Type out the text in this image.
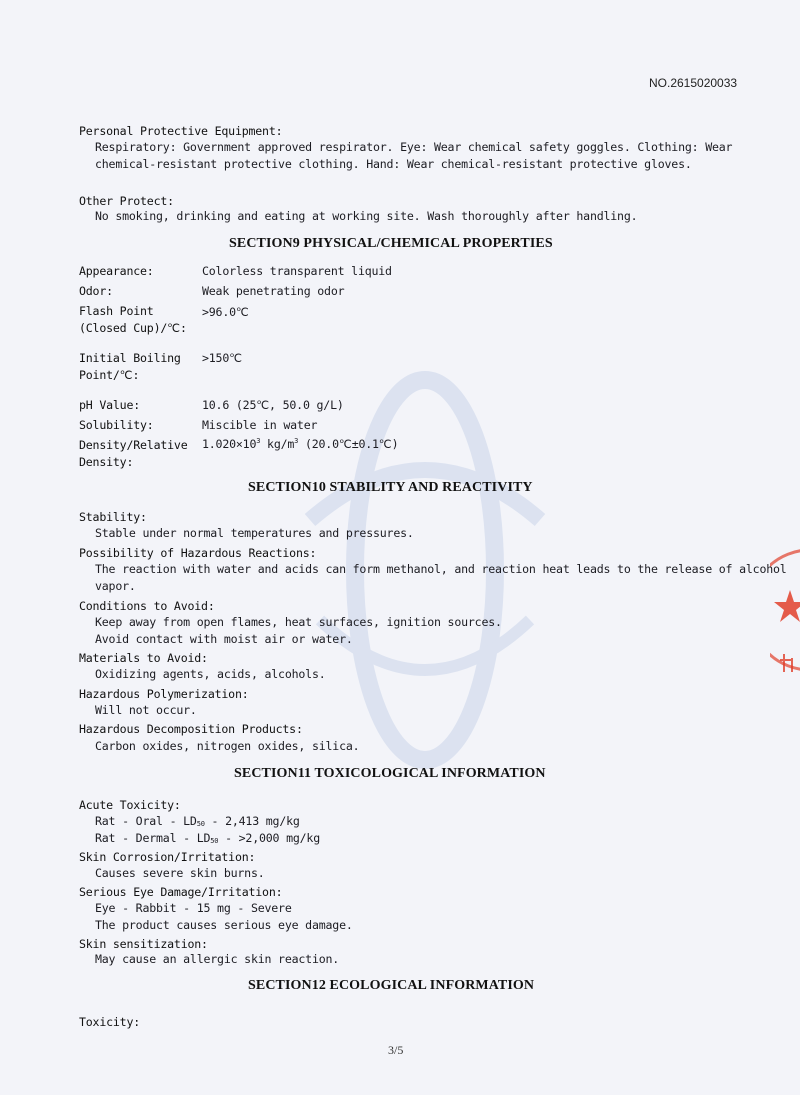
NO.2615020033
Personal Protective Equipment:
Respiratory: Government approved respirator. Eye: Wear chemical safety goggles. Clothing: Wear
chemical-resistant protective clothing. Hand: Wear chemical-resistant protective gloves.
Other Protect:
No smoking, drinking and eating at working site. Wash thoroughly after handling.
SECTION9 PHYSICAL/CHEMICAL PROPERTIES
Appearance:	Colorless transparent liquid
Odor:	Weak penetrating odor
Flash Point
(Closed Cup)/℃:
>96.0℃
Initial Boiling
Point/℃:
>150℃
pH Value:	10.6 (25℃, 50.0 g/L)
Solubility:	Miscible in water
Density/Relative
Density:
$1.020\times 10^3$ $kg/m^3$ (20.0℃±0.1℃)
SECTION10 STABILITY AND REACTIVITY
Stability:
Stable under normal temperatures and pressures.
Possibility of Hazardous Reactions:
The reaction with water and acids can form methanol, and reaction heat leads to the release of alcohol
vapor.
Conditions to Avoid:
Keep away from open flames, heat surfaces, ignition sources.
Avoid contact with moist air or water.
Materials to Avoid:
Oxidizing agents, acids, alcohols.
Hazardous Polymerization:
Will not occur.
Hazardous Decomposition Products:
Carbon oxides, nitrogen oxides, silica.
SECTION11 TOXICOLOGICAL INFORMATION
Acute Toxicity:
Rat - Oral - $LD_{50} - 2,413$ mg/kg
Rat - Dermal - $LD_{50} - >2,000$ mg/kg
Skin Corrosion/Irritation:
Causes severe skin burns.
Serious Eye Damage/Irritation:
Eye - Rabbit - 15 mg - Severe
The product causes serious eye damage.
Skin sensitization:
May cause an allergic skin reaction.
SECTION12 ECOLOGICAL INFORMATION
Toxicity:
3/5
